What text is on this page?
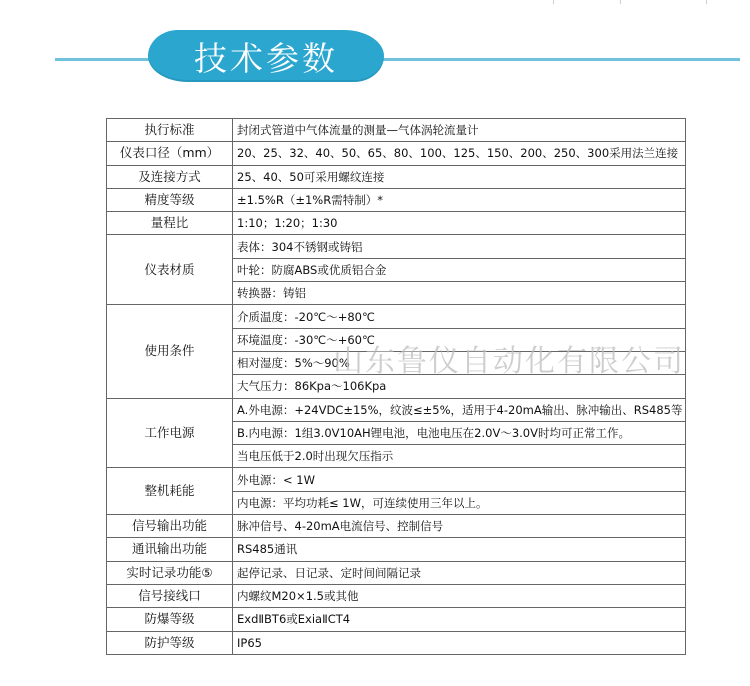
技术参数
执行标准	封闭式管道中气体流量的测量—气体涡轮流量计
仪表口径（mm）	20、25、32、40、50、65、80、100、125、150、200、250、300采用法兰连接
及连接方式	25、40、50可采用螺纹连接
精度等级	±1.5%R（±1%R需特制）*
量程比	1:10；1:20；1:30
仪表材质	表体：304不锈钢或铸铝
	叶轮：防腐ABS或优质铝合金
	转换器：铸铝
使用条件	介质温度：-20℃～+80℃
	环境温度：-30℃～+60℃
	相对湿度：5%～90%
	大气压力：86Kpa～106Kpa
工作电源	A.外电源：+24VDC±15%，纹波≤±5%，适用于4-20mA输出、脉冲输出、RS485等
	B.内电源：1组3.0V10AH锂电池，电池电压在2.0V～3.0V时均可正常工作。
	当电压低于2.0时出现欠压指示
整机耗能	外电源：< 1W
	内电源：平均功耗≤ 1W，可连续使用三年以上。
信号输出功能	脉冲信号、4-20mA电流信号、控制信号
通讯输出功能	RS485通讯
实时记录功能⑤	起停记录、日记录、定时间间隔记录
信号接线口	内螺纹M20×1.5或其他
防爆等级	ExdⅡBT6或ExiaⅡCT4
防护等级	IP65
山东鲁仪自动化有限公司
